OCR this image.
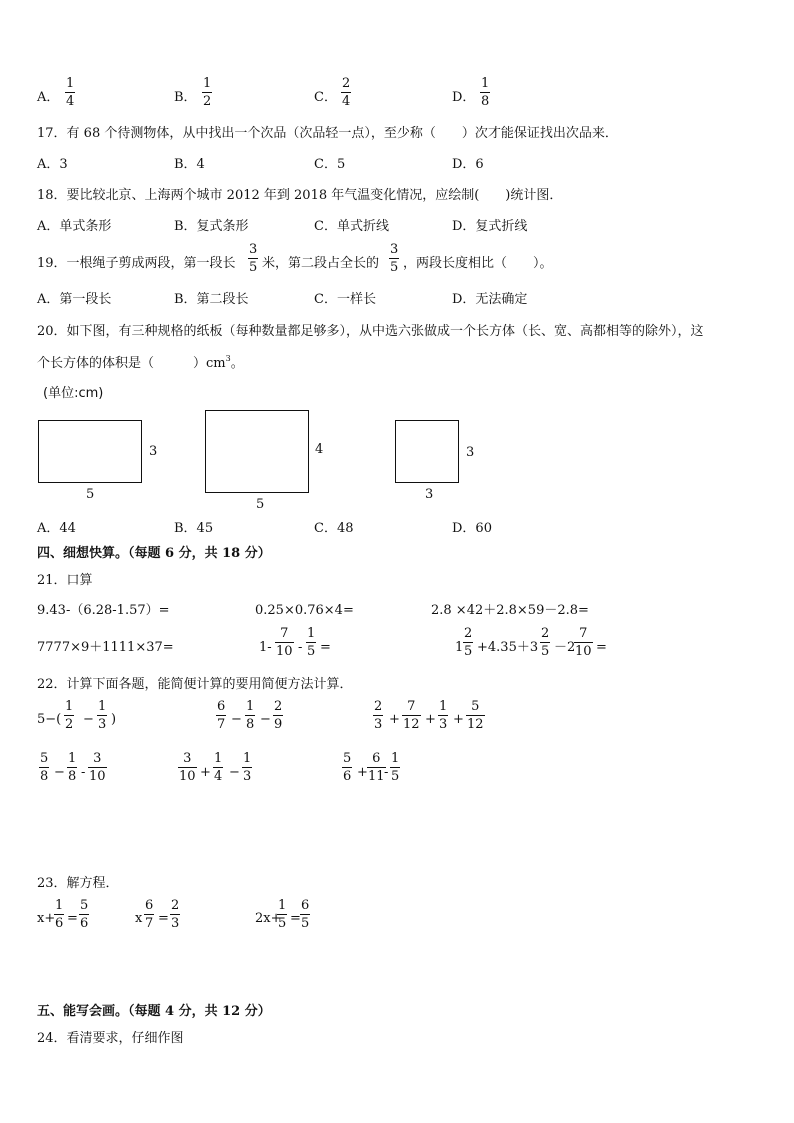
A．
1
4	B．
1
2	C．
2
4	D．
1
8
17．有 68 个待测物体，从中找出一个次品（次品轻一点），至少称（　　）次才能保证找出次品来．
A．3	B．4	C．5	D．6
18．要比较北京、上海两个城市 2012 年到 2018 年气温变化情况，应绘制(　　)统计图．
A．单式条形	B．复式条形	C．单式折线	D．复式折线
19．一根绳子剪成两段，第一段长
3
5 米，第二段占全长的
3
5 ，两段长度相比（　　）。
A．第一段长	B．第二段长	C．一样长	D．无法确定
20．如下图，有三种规格的纸板（每种数量都足够多），从中选六张做成一个长方体（长、宽、高都相等的除外），这
个长方体的体积是（　　　）$cm^3$。
(单位:cm)
3
5
4
5
3
3
A．44	B．45	C．48	D．60
四、细想快算。（每题 6 分，共 18 分）
21．口算
9.43-（6.28-1.57）=	0.25×0.76×4=	2.8 ×42＋2.8×59－2.8=
7777×9＋1111×37=	1-
7
10 -
1
5 =	1
2
5 +4.35＋3
2
5 －2
7
10 =
22．计算下面各题，能简便计算的要用简便方法计算．
5−(
1
2 −
1
3 )
6
7 −
1
8 −
2
9
2
3 +
7
12 +
1
3 +
5
12
5
8 −
1
8 -
3
10
3
10 +
1
4 −
1
3
5
6 +
6
11 -
1
5
23．解方程．
x+
1
6 =
5
6	x
6
7 =
2
3	2x+
1
5 =
6
5
五、能写会画。（每题 4 分，共 12 分）
24．看清要求，仔细作图
